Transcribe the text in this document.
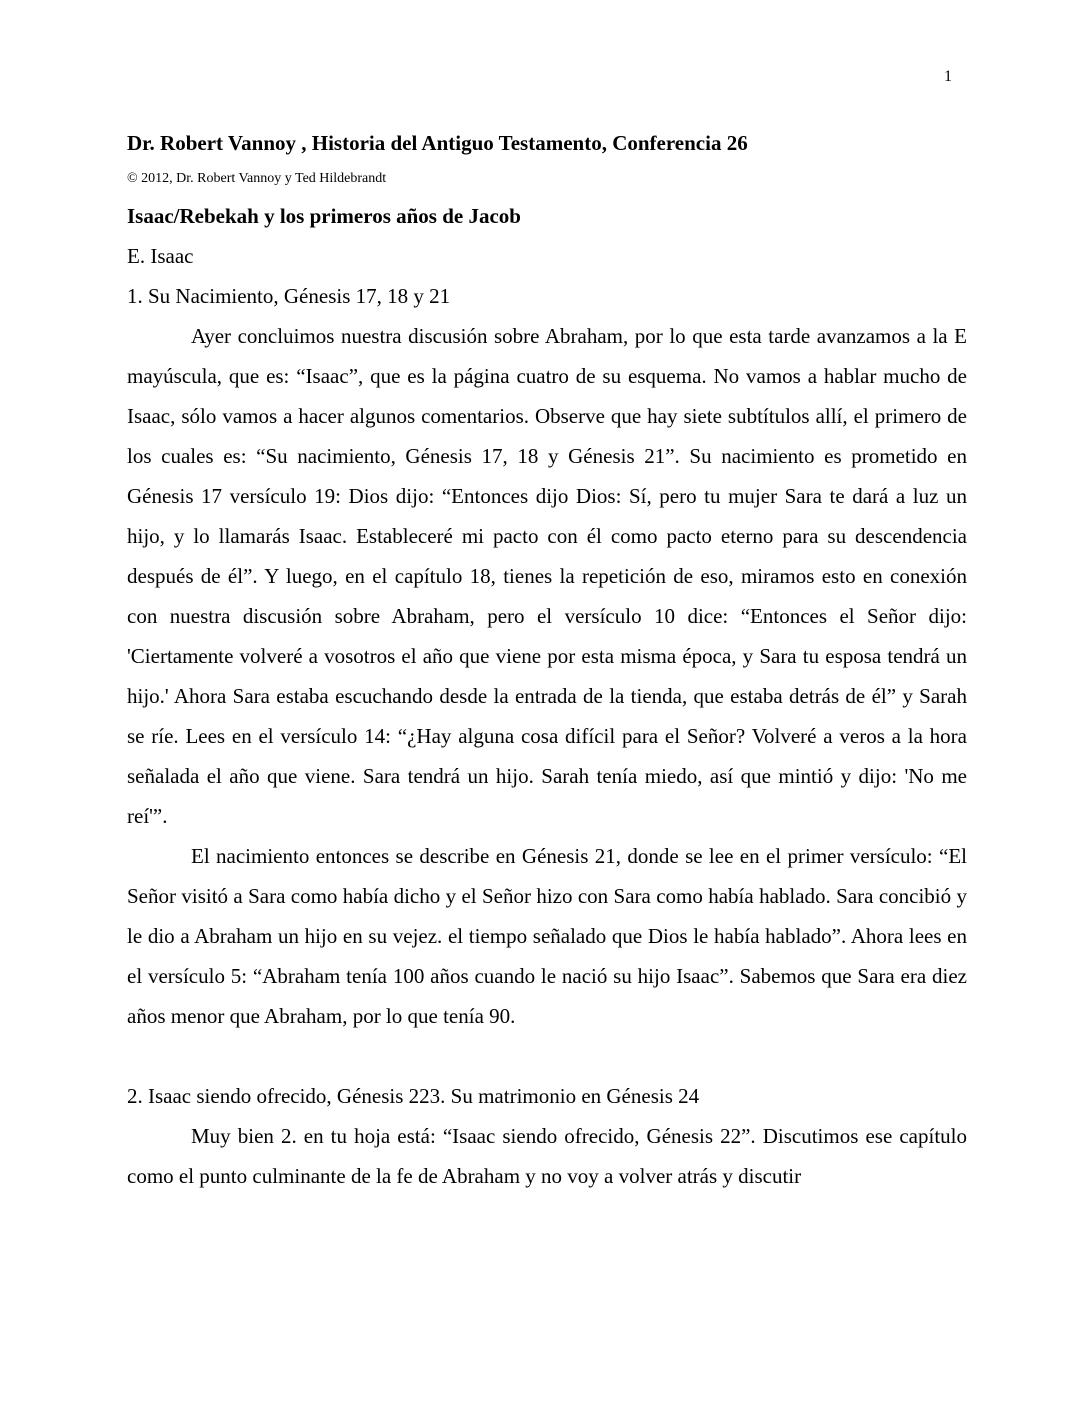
1

Dr. Robert Vannoy , Historia del Antiguo Testamento, Conferencia 26

© 2012, Dr. Robert Vannoy y Ted Hildebrandt

Isaac/Rebekah y los primeros años de Jacob

E. Isaac

1. Su Nacimiento, Génesis 17, 18 y 21

Ayer concluimos nuestra discusión sobre Abraham, por lo que esta tarde avanzamos a la E mayúscula, que es: “Isaac”, que es la página cuatro de su esquema. No vamos a hablar mucho de Isaac, sólo vamos a hacer algunos comentarios. Observe que hay siete subtítulos allí, el primero de los cuales es: “Su nacimiento, Génesis 17, 18 y Génesis 21”. Su nacimiento es prometido en Génesis 17 versículo 19: Dios dijo: “Entonces dijo Dios: Sí, pero tu mujer Sara te dará a luz un hijo, y lo llamarás Isaac. Estableceré mi pacto con él como pacto eterno para su descendencia después de él”. Y luego, en el capítulo 18, tienes la repetición de eso, miramos esto en conexión con nuestra discusión sobre Abraham, pero el versículo 10 dice: “Entonces el Señor dijo: 'Ciertamente volveré a vosotros el año que viene por esta misma época, y Sara tu esposa tendrá un hijo.' Ahora Sara estaba escuchando desde la entrada de la tienda, que estaba detrás de él” y Sarah se ríe. Lees en el versículo 14: “¿Hay alguna cosa difícil para el Señor? Volveré a veros a la hora señalada el año que viene. Sara tendrá un hijo. Sarah tenía miedo, así que mintió y dijo: 'No me reí'”.

El nacimiento entonces se describe en Génesis 21, donde se lee en el primer versículo: “El Señor visitó a Sara como había dicho y el Señor hizo con Sara como había hablado. Sara concibió y le dio a Abraham un hijo en su vejez. el tiempo señalado que Dios le había hablado”. Ahora lees en el versículo 5: “Abraham tenía 100 años cuando le nació su hijo Isaac”. Sabemos que Sara era diez años menor que Abraham, por lo que tenía 90.

2. Isaac siendo ofrecido, Génesis 223. Su matrimonio en Génesis 24

Muy bien 2. en tu hoja está: “Isaac siendo ofrecido, Génesis 22”. Discutimos ese capítulo como el punto culminante de la fe de Abraham y no voy a volver atrás y discutir
